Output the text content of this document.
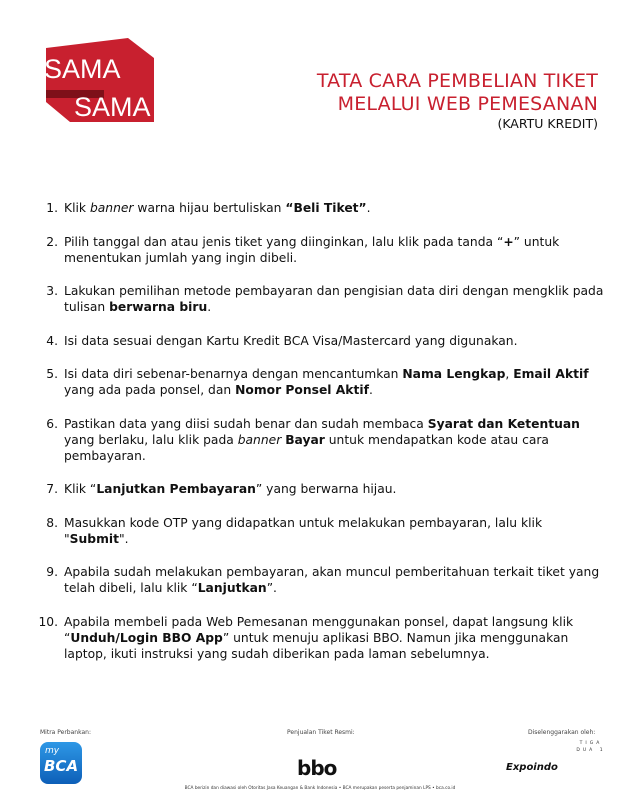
SAMA
SAMA
TATA CARA PEMBELIAN TIKET
MELALUI WEB PEMESANAN
(KARTU KREDIT)
1. Klik banner warna hijau bertuliskan “Beli Tiket”.
2. Pilih tanggal dan atau jenis tiket yang diinginkan, lalu klik pada tanda “+” untuk menentukan jumlah yang ingin dibeli.
3. Lakukan pemilihan metode pembayaran dan pengisian data diri dengan mengklik pada tulisan berwarna biru.
4. Isi data sesuai dengan Kartu Kredit BCA Visa/Mastercard yang digunakan.
5. Isi data diri sebenar-benarnya dengan mencantumkan Nama Lengkap, Email Aktif yang ada pada ponsel, dan Nomor Ponsel Aktif.
6. Pastikan data yang diisi sudah benar dan sudah membaca Syarat dan Ketentuan yang berlaku, lalu klik pada banner Bayar untuk mendapatkan kode atau cara pembayaran.
7. Klik “Lanjutkan Pembayaran” yang berwarna hijau.
8. Masukkan kode OTP yang didapatkan untuk melakukan pembayaran, lalu klik "Submit".
9. Apabila sudah melakukan pembayaran, akan muncul pemberitahuan terkait tiket yang telah dibeli, lalu klik “Lanjutkan”.
10. Apabila membeli pada Web Pemesanan menggunakan ponsel, dapat langsung klik “Unduh/Login BBO App” untuk menuju aplikasi BBO. Namun jika menggunakan laptop, ikuti instruksi yang sudah diberikan pada laman sebelumnya.
Mitra Perbankan:
my
BCA
Penjualan Tiket Resmi:
bbo
Diselenggarakan oleh:
Expoindo
TIGA DUA 1
BCA berizin dan diawasi oleh Otoritas Jasa Keuangan & Bank Indonesia • BCA merupakan peserta penjaminan LPS • bca.co.id
